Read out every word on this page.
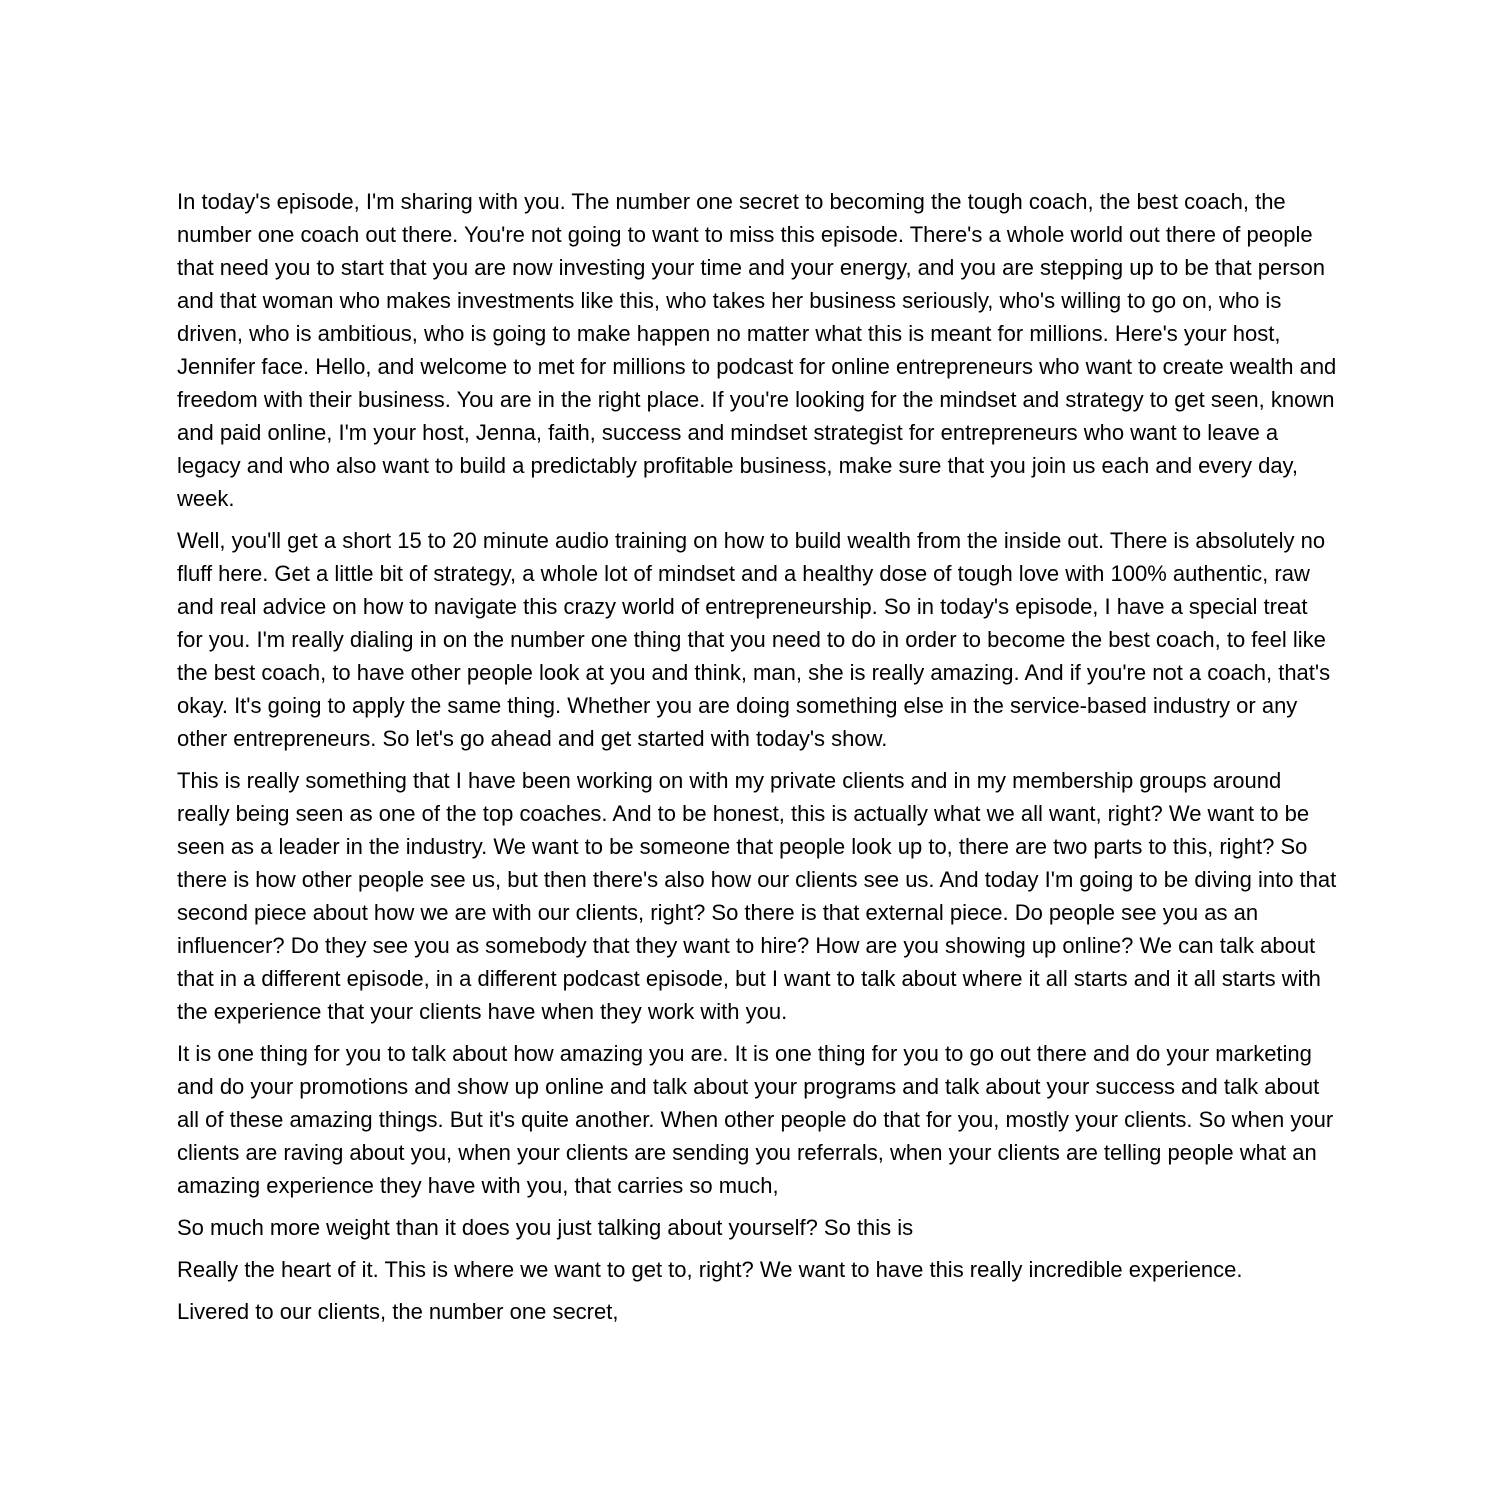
In today's episode, I'm sharing with you. The number one secret to becoming the tough coach, the best coach, the number one coach out there. You're not going to want to miss this episode. There's a whole world out there of people that need you to start that you are now investing your time and your energy, and you are stepping up to be that person and that woman who makes investments like this, who takes her business seriously, who's willing to go on, who is driven, who is ambitious, who is going to make happen no matter what this is meant for millions. Here's your host, Jennifer face. Hello, and welcome to met for millions to podcast for online entrepreneurs who want to create wealth and freedom with their business. You are in the right place. If you're looking for the mindset and strategy to get seen, known and paid online, I'm your host, Jenna, faith, success and mindset strategist for entrepreneurs who want to leave a legacy and who also want to build a predictably profitable business, make sure that you join us each and every day, week.

Well, you'll get a short 15 to 20 minute audio training on how to build wealth from the inside out. There is absolutely no fluff here. Get a little bit of strategy, a whole lot of mindset and a healthy dose of tough love with 100% authentic, raw and real advice on how to navigate this crazy world of entrepreneurship. So in today's episode, I have a special treat for you. I'm really dialing in on the number one thing that you need to do in order to become the best coach, to feel like the best coach, to have other people look at you and think, man, she is really amazing. And if you're not a coach, that's okay. It's going to apply the same thing. Whether you are doing something else in the service-based industry or any other entrepreneurs. So let's go ahead and get started with today's show.

This is really something that I have been working on with my private clients and in my membership groups around really being seen as one of the top coaches. And to be honest, this is actually what we all want, right? We want to be seen as a leader in the industry. We want to be someone that people look up to, there are two parts to this, right? So there is how other people see us, but then there's also how our clients see us. And today I'm going to be diving into that second piece about how we are with our clients, right? So there is that external piece. Do people see you as an influencer? Do they see you as somebody that they want to hire? How are you showing up online? We can talk about that in a different episode, in a different podcast episode, but I want to talk about where it all starts and it all starts with the experience that your clients have when they work with you.

It is one thing for you to talk about how amazing you are. It is one thing for you to go out there and do your marketing and do your promotions and show up online and talk about your programs and talk about your success and talk about all of these amazing things. But it's quite another. When other people do that for you, mostly your clients. So when your clients are raving about you, when your clients are sending you referrals, when your clients are telling people what an amazing experience they have with you, that carries so much,

So much more weight than it does you just talking about yourself? So this is

Really the heart of it. This is where we want to get to, right? We want to have this really incredible experience.

Livered to our clients, the number one secret,
